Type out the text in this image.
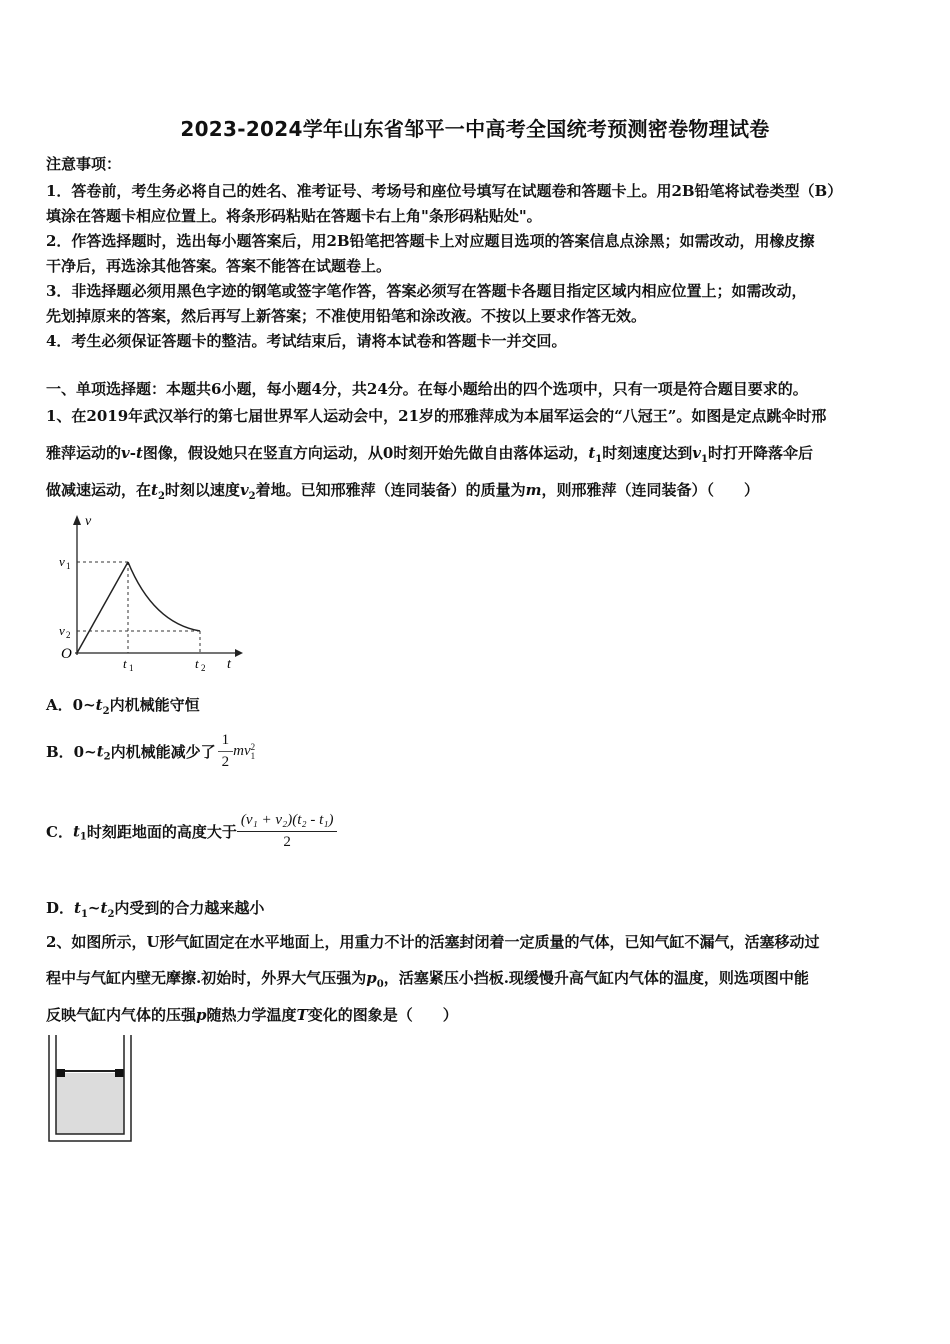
2023-2024学年山东省邹平一中高考全国统考预测密卷物理试卷
注意事项：
1．答卷前，考生务必将自己的姓名、准考证号、考场号和座位号填写在试题卷和答题卡上。用2B铅笔将试卷类型（B）
填涂在答题卡相应位置上。将条形码粘贴在答题卡右上角"条形码粘贴处"。
2．作答选择题时，选出每小题答案后，用2B铅笔把答题卡上对应题目选项的答案信息点涂黑；如需改动，用橡皮擦
干净后，再选涂其他答案。答案不能答在试题卷上。
3．非选择题必须用黑色字迹的钢笔或签字笔作答，答案必须写在答题卡各题目指定区域内相应位置上；如需改动，
先划掉原来的答案，然后再写上新答案；不准使用铅笔和涂改液。不按以上要求作答无效。
4．考生必须保证答题卡的整洁。考试结束后，请将本试卷和答题卡一并交回。
一、单项选择题：本题共6小题，每小题4分，共24分。在每小题给出的四个选项中，只有一项是符合题目要求的。
1、在2019年武汉举行的第七届世界军人运动会中，21岁的邢雅萍成为本届军运会的“八冠王”。如图是定点跳伞时邢
雅萍运动的v-t图像，假设她只在竖直方向运动，从0时刻开始先做自由落体运动，$t_1$时刻速度达到$v_1$时打开降落伞后
做减速运动，在$t_2$时刻以速度$v_2$着地。已知邢雅萍（连同装备）的质量为m，则邢雅萍（连同装备）（　　）
v
t
O
v 1
v 2
t 1	t 2
A．$0\sim t_2$内机械能守恒
B．$0\sim t_2$内机械能减少了 $\frac{1}{2}$ mv 2
1
C．$t_1$时刻距地面的高度大于 $\frac{\text{(v₁ + v₂)(t₂ - t₁)}}{2}$
D．$t_1\sim t_2$内受到的合力越来越小
2、如图所示，U形气缸固定在水平地面上，用重力不计的活塞封闭着一定质量的气体，已知气缸不漏气，活塞移动过
程中与气缸内壁无摩擦.初始时，外界大气压强为$p_0$，活塞紧压小挡板.现缓慢升高气缸内气体的温度，则选项图中能
反映气缸内气体的压强p随热力学温度T变化的图象是（　　）
